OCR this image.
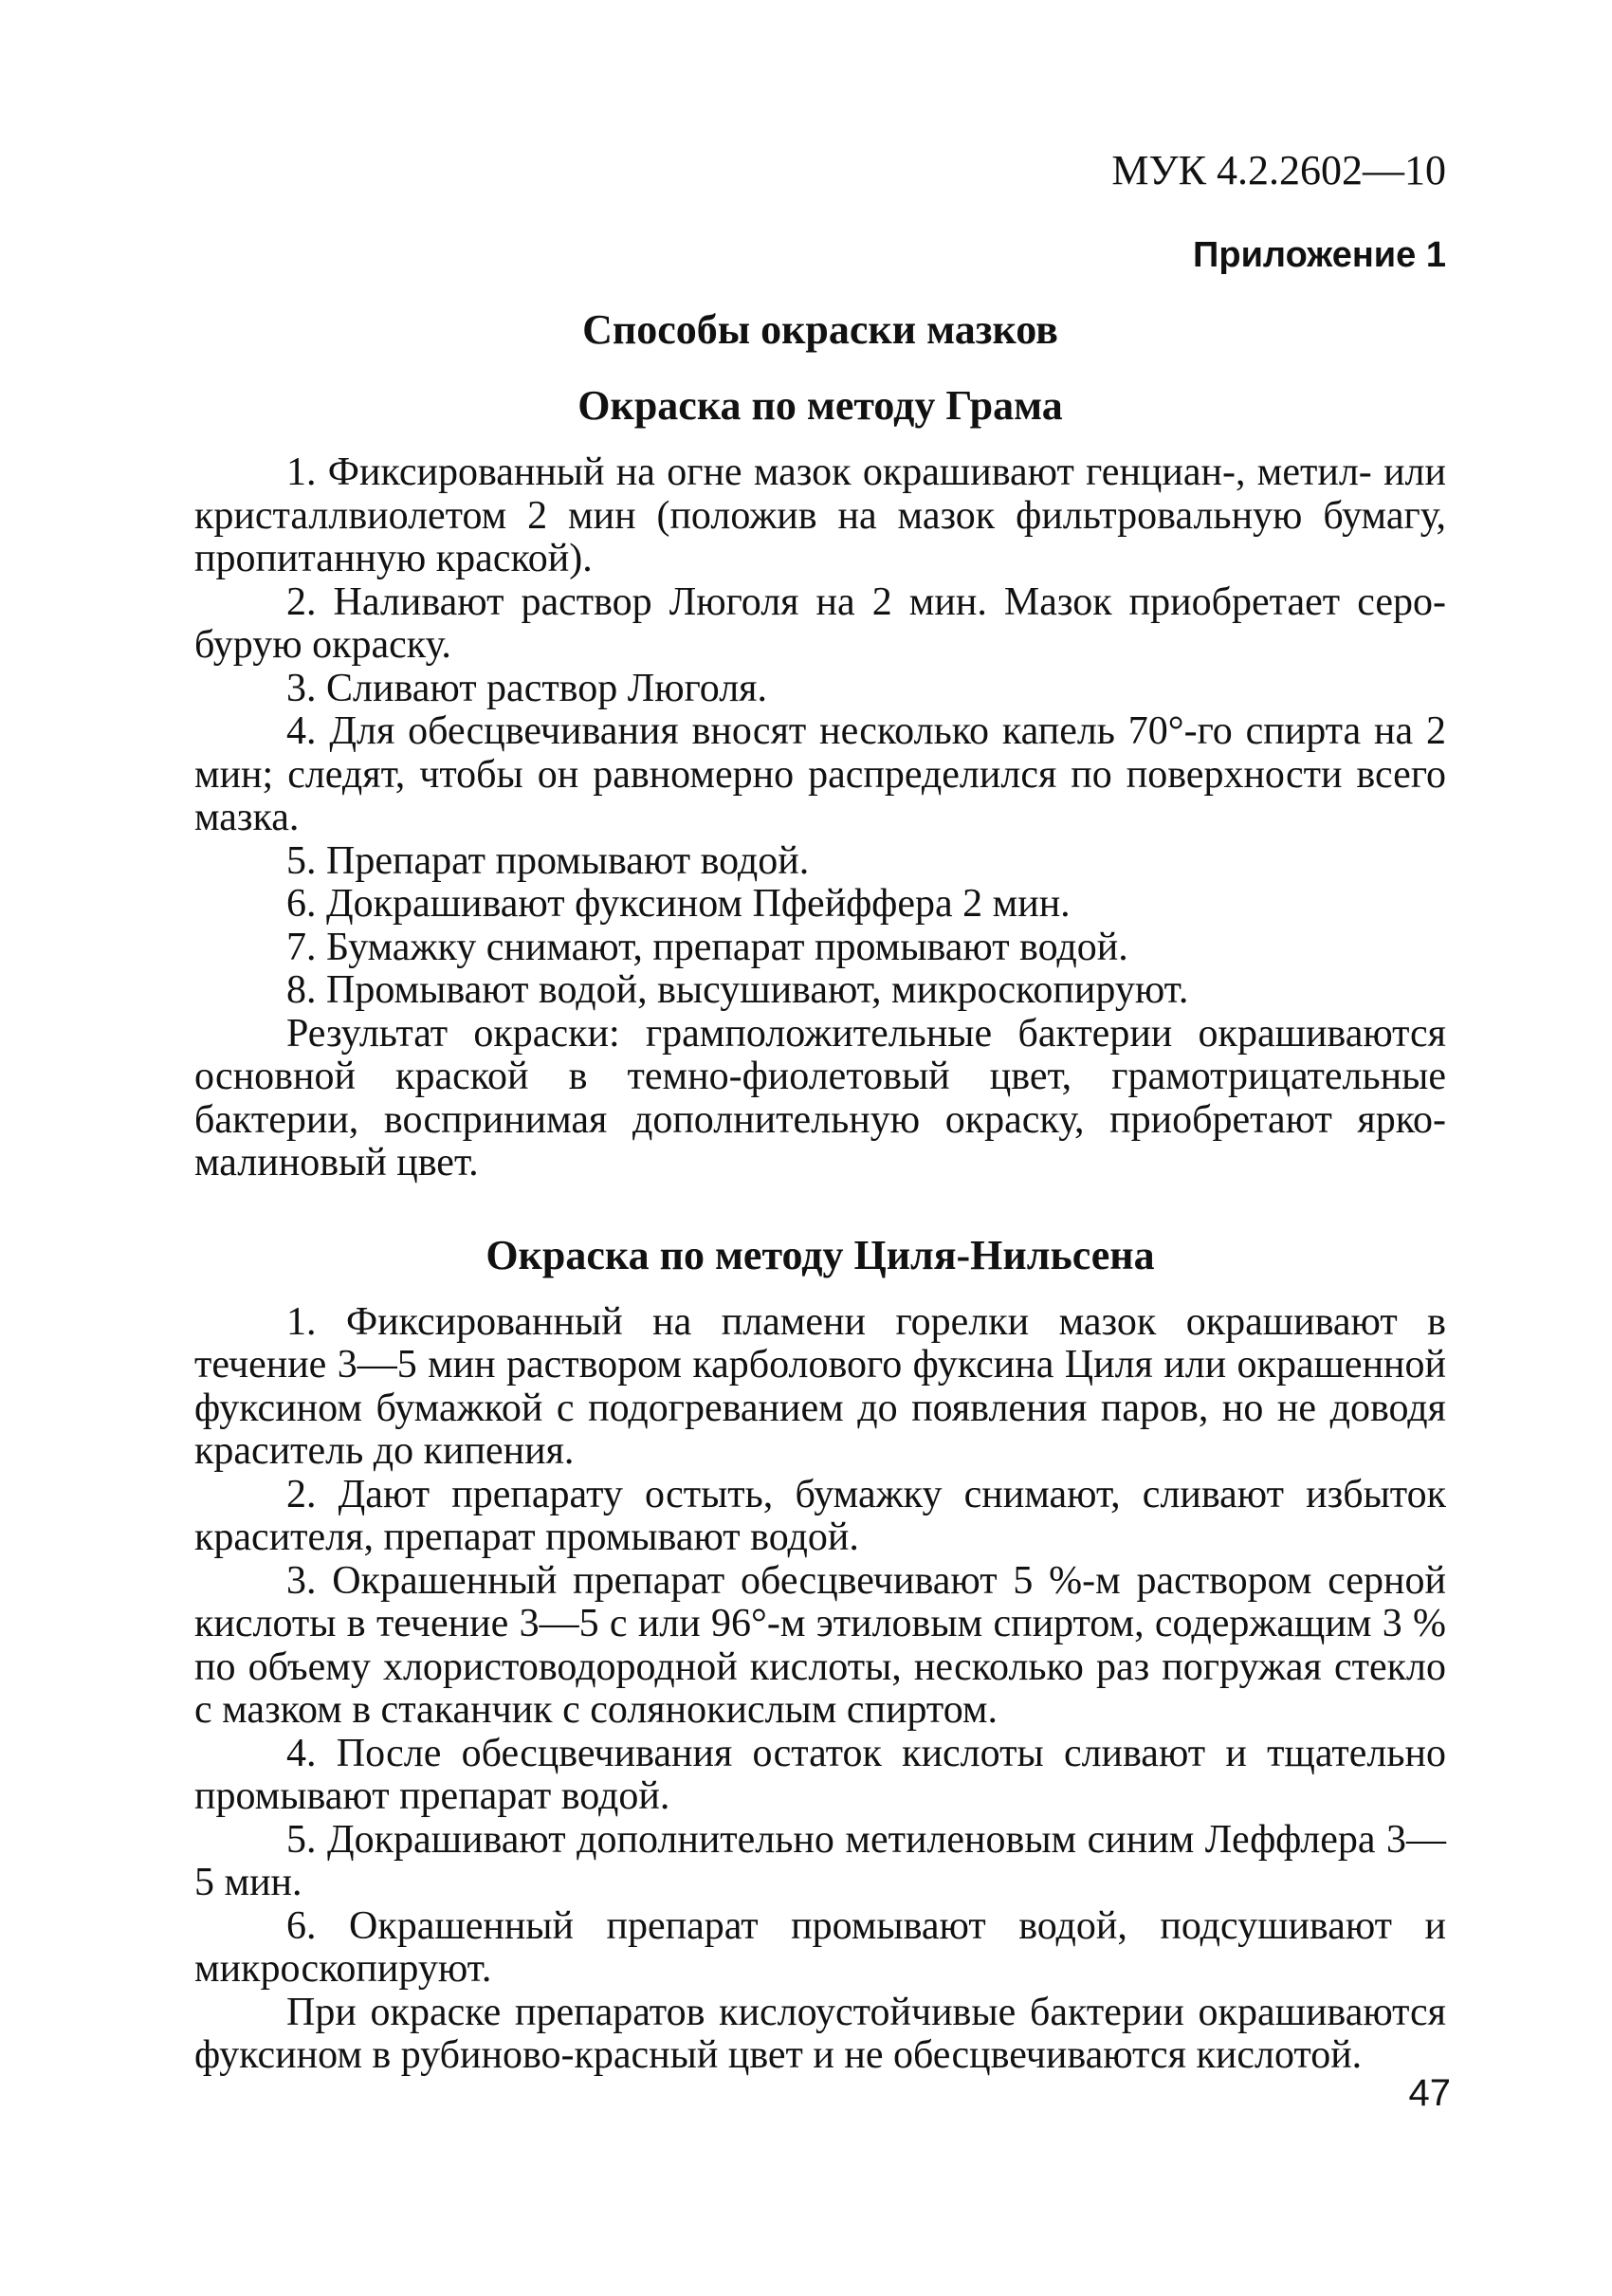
МУК 4.2.2602—10

Приложение 1

Способы окраски мазков

Окраска по методу Грама

1. Фиксированный на огне мазок окрашивают генциан-, метил- или кристаллвиолетом 2 мин (положив на мазок фильтровальную бумагу, пропитанную краской).

2. Наливают раствор Люголя на 2 мин. Мазок приобретает серо-бурую окраску.

3. Сливают раствор Люголя.

4. Для обесцвечивания вносят несколько капель 70°-го спирта на 2 мин; следят, чтобы он равномерно распределился по поверхности всего мазка.

5. Препарат промывают водой.

6. Докрашивают фуксином Пфейффера 2 мин.

7. Бумажку снимают, препарат промывают водой.

8. Промывают водой, высушивают, микроскопируют.

Результат окраски: грамположительные бактерии окрашиваются основной краской в темно-фиолетовый цвет, грамотрицательные бактерии, воспринимая дополнительную окраску, приобретают ярко-малиновый цвет.

Окраска по методу Циля-Нильсена

1. Фиксированный на пламени горелки мазок окрашивают в течение 3—5 мин раствором карболового фуксина Циля или окрашенной фуксином бумажкой с подогреванием до появления паров, но не доводя краситель до кипения.

2. Дают препарату остыть, бумажку снимают, сливают избыток красителя, препарат промывают водой.

3. Окрашенный препарат обесцвечивают 5 %-м раствором серной кислоты в течение 3—5 с или 96°-м этиловым спиртом, содержащим 3 % по объему хлористоводородной кислоты, несколько раз погружая стекло с мазком в стаканчик с солянокислым спиртом.

4. После обесцвечивания остаток кислоты сливают и тщательно промывают препарат водой.

5. Докрашивают дополнительно метиленовым синим Леффлера 3—5 мин.

6. Окрашенный препарат промывают водой, подсушивают и микроскопируют.

При окраске препаратов кислоустойчивые бактерии окрашиваются фуксином в рубиново-красный цвет и не обесцвечиваются кислотой.

47
